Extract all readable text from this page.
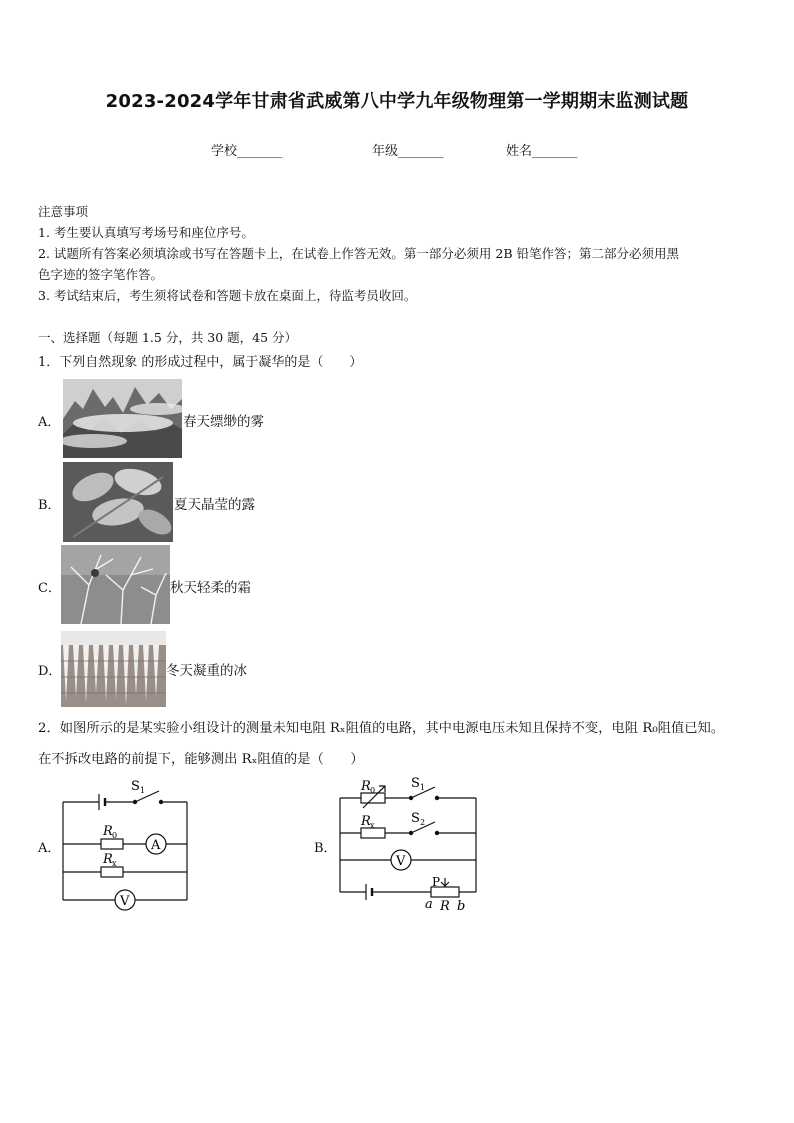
2023-2024学年甘肃省武威第八中学九年级物理第一学期期末监测试题
学校_______	年级_______	姓名_______
注意事项
1. 考生要认真填写考场号和座位序号。
2. 试题所有答案必须填涂或书写在答题卡上，在试卷上作答无效。第一部分必须用 2B 铅笔作答；第二部分必须用黑
色字迹的签字笔作答。
3. 考试结束后，考生须将试卷和答题卡放在桌面上，待监考员收回。
一、选择题（每题 1.5 分，共 30 题，45 分）
1．下列自然现象 的形成过程中，属于凝华的是（　　）
A．	春天缥缈的雾
B．	夏天晶莹的露
C．	秋天轻柔的霜
D．	冬天凝重的冰
2．如图所示的是某实验小组设计的测量未知电阻 Rₓ阻值的电路，其中电源电压未知且保持不变，电阻 R₀阻值已知。
在不拆改电路的前提下，能够测出 Rₓ阻值的是（　　）
A．	B．
S 1
R 0
R x
A
V
R 0	S 1
R x	S 2
V
P
a R b
